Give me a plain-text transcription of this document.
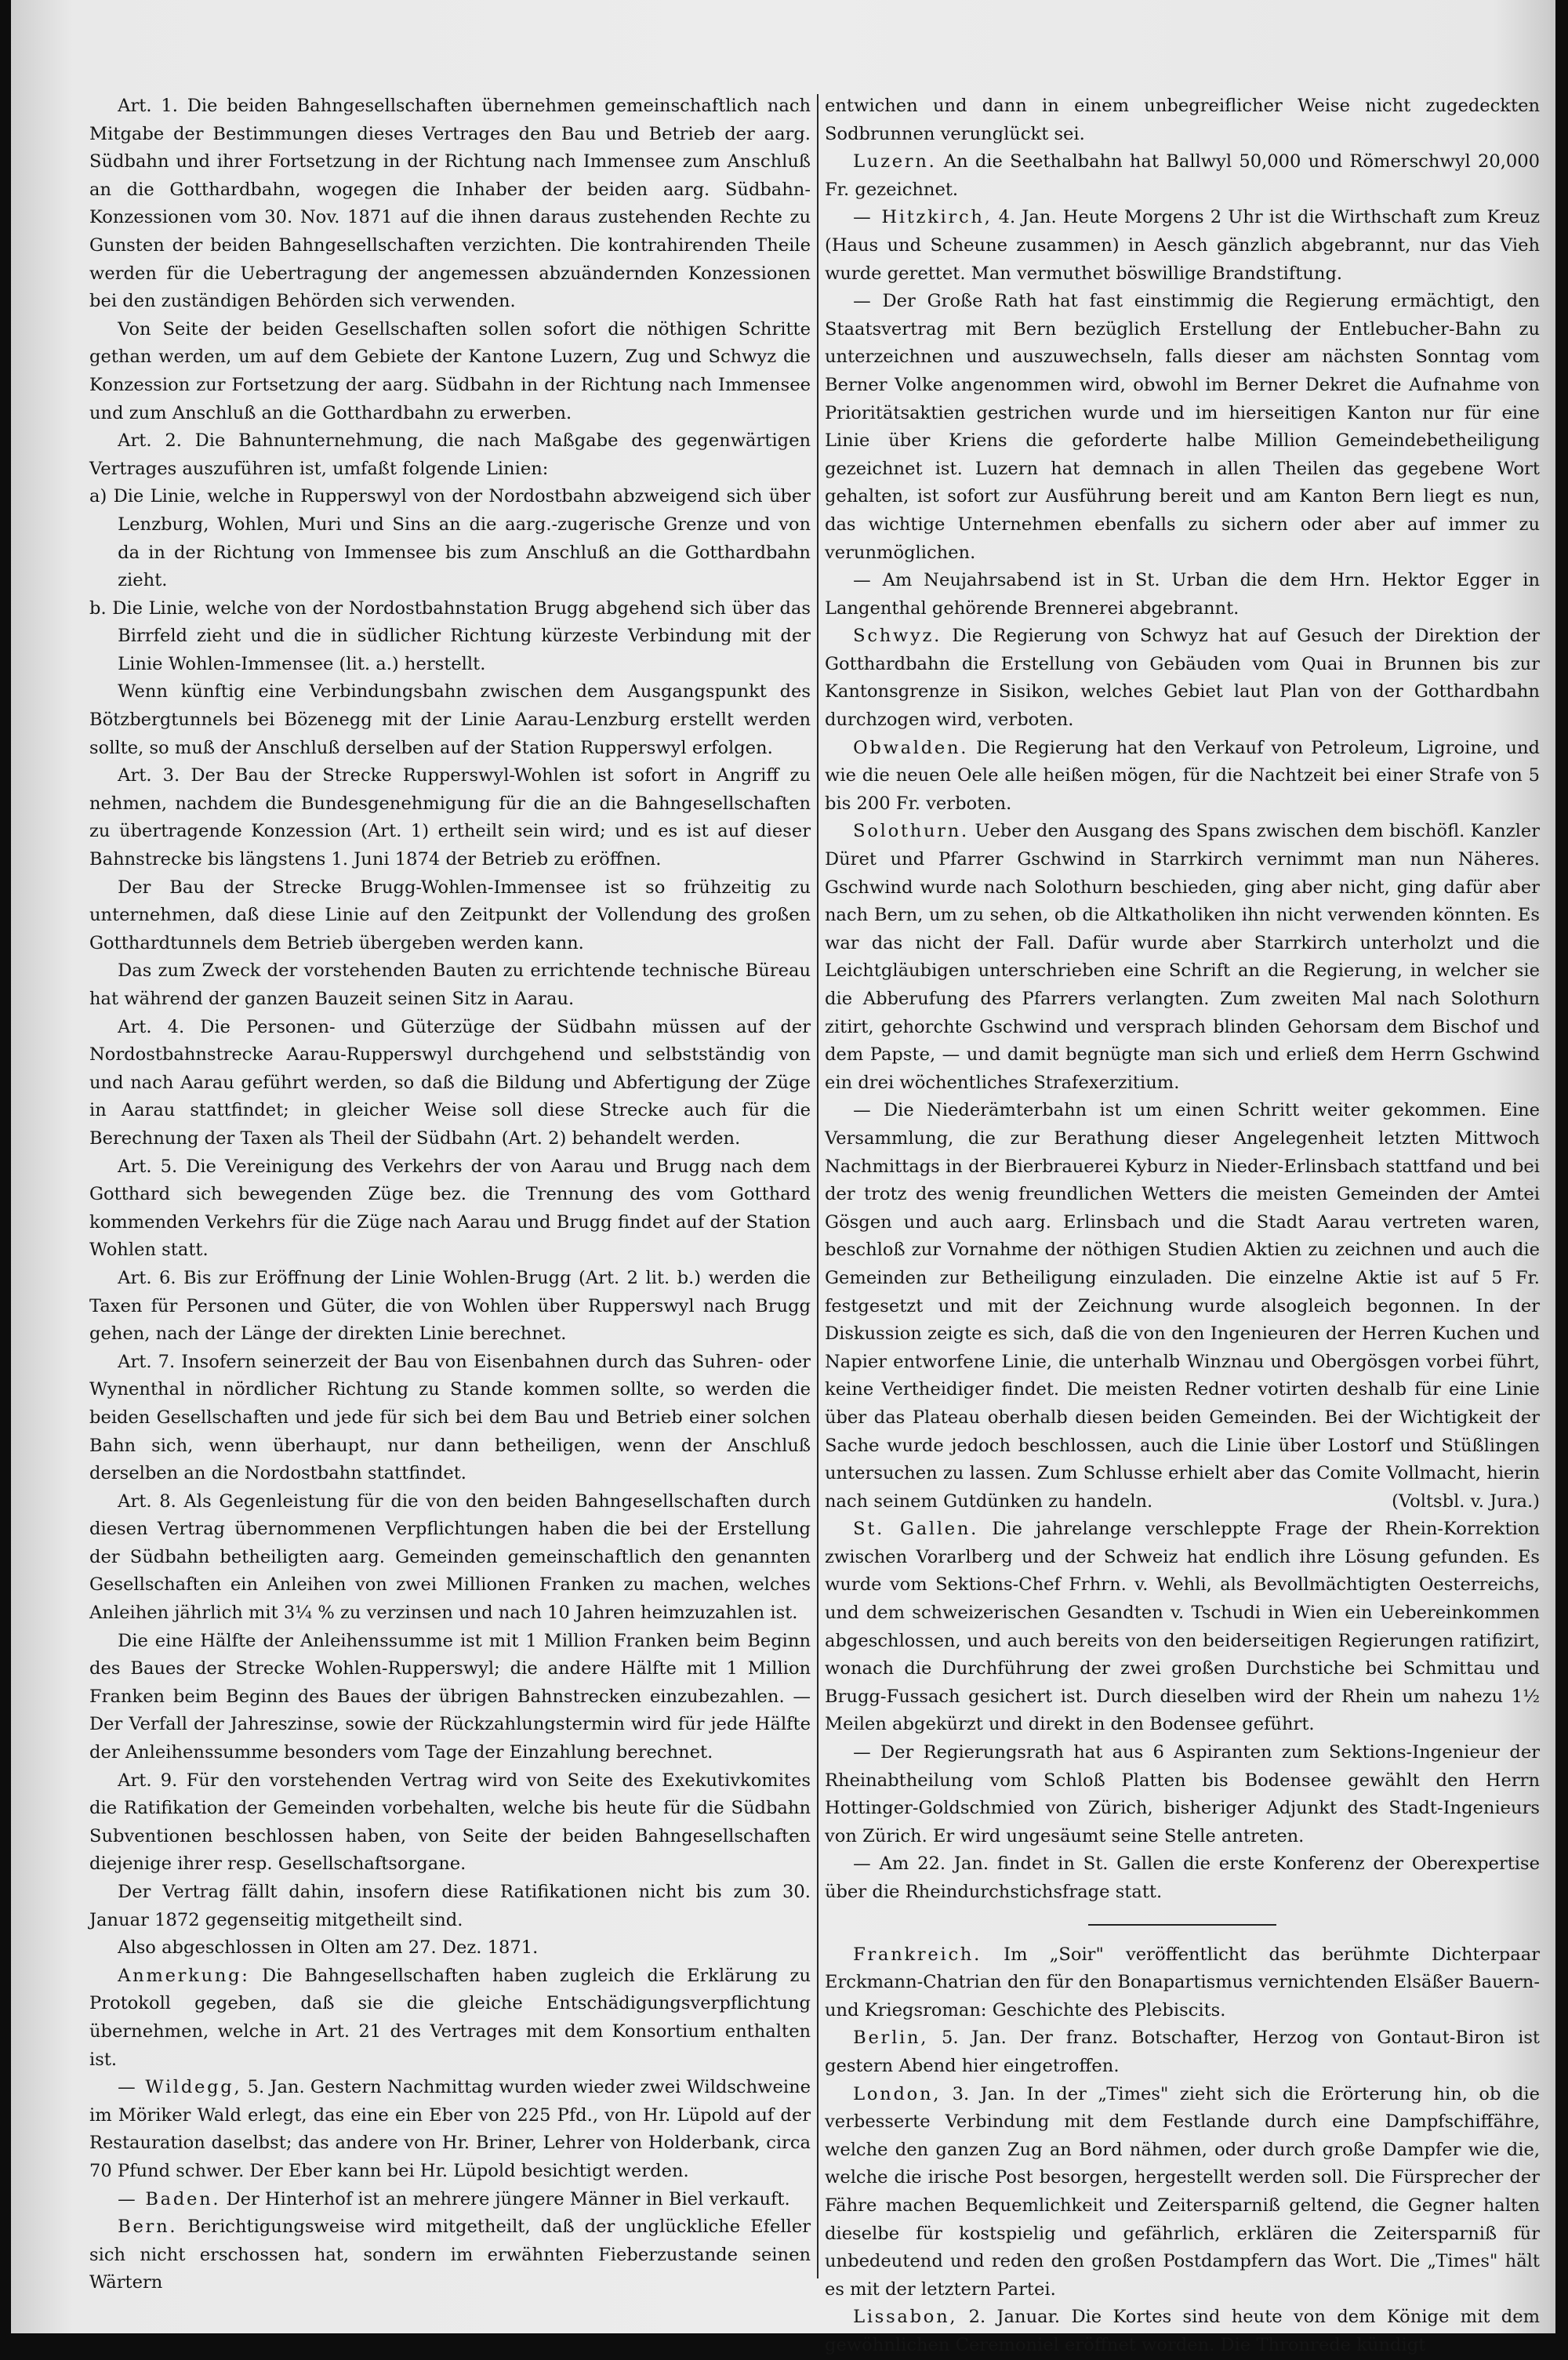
Art. 1. Die beiden Bahngesellschaften übernehmen gemeinschaftlich nach Mitgabe der Bestimmungen dieses Vertrages den Bau und Betrieb der aarg. Südbahn und ihrer Fortsetzung in der Richtung nach Immensee zum Anschluß an die Gotthardbahn, wogegen die Inhaber der beiden aarg. Südbahn-Konzessionen vom 30. Nov. 1871 auf die ihnen daraus zustehenden Rechte zu Gunsten der beiden Bahngesellschaften verzichten. Die kontrahirenden Theile werden für die Uebertragung der angemessen abzuändernden Konzessionen bei den zuständigen Behörden sich verwenden.

Von Seite der beiden Gesellschaften sollen sofort die nöthigen Schritte gethan werden, um auf dem Gebiete der Kantone Luzern, Zug und Schwyz die Konzession zur Fortsetzung der aarg. Südbahn in der Richtung nach Immensee und zum Anschluß an die Gotthardbahn zu erwerben.

Art. 2. Die Bahnunternehmung, die nach Maßgabe des gegenwärtigen Vertrages auszuführen ist, umfaßt folgende Linien:

a) Die Linie, welche in Rupperswyl von der Nordostbahn abzweigend sich über Lenzburg, Wohlen, Muri und Sins an die aarg.-zugerische Grenze und von da in der Richtung von Immensee bis zum Anschluß an die Gotthardbahn zieht.

b. Die Linie, welche von der Nordostbahnstation Brugg abgehend sich über das Birrfeld zieht und die in südlicher Richtung kürzeste Verbindung mit der Linie Wohlen-Immensee (lit. a.) herstellt.

Wenn künftig eine Verbindungsbahn zwischen dem Ausgangspunkt des Bötzbergtunnels bei Bözenegg mit der Linie Aarau-Lenzburg erstellt werden sollte, so muß der Anschluß derselben auf der Station Rupperswyl erfolgen.

Art. 3. Der Bau der Strecke Rupperswyl-Wohlen ist sofort in Angriff zu nehmen, nachdem die Bundesgenehmigung für die an die Bahngesellschaften zu übertragende Konzession (Art. 1) ertheilt sein wird; und es ist auf dieser Bahnstrecke bis längstens 1. Juni 1874 der Betrieb zu eröffnen.

Der Bau der Strecke Brugg-Wohlen-Immensee ist so frühzeitig zu unternehmen, daß diese Linie auf den Zeitpunkt der Vollendung des großen Gotthardtunnels dem Betrieb übergeben werden kann.

Das zum Zweck der vorstehenden Bauten zu errichtende technische Büreau hat während der ganzen Bauzeit seinen Sitz in Aarau.

Art. 4. Die Personen- und Güterzüge der Südbahn müssen auf der Nordostbahnstrecke Aarau-Rupperswyl durchgehend und selbstständig von und nach Aarau geführt werden, so daß die Bildung und Abfertigung der Züge in Aarau stattfindet; in gleicher Weise soll diese Strecke auch für die Berechnung der Taxen als Theil der Südbahn (Art. 2) behandelt werden.

Art. 5. Die Vereinigung des Verkehrs der von Aarau und Brugg nach dem Gotthard sich bewegenden Züge bez. die Trennung des vom Gotthard kommenden Verkehrs für die Züge nach Aarau und Brugg findet auf der Station Wohlen statt.

Art. 6. Bis zur Eröffnung der Linie Wohlen-Brugg (Art. 2 lit. b.) werden die Taxen für Personen und Güter, die von Wohlen über Rupperswyl nach Brugg gehen, nach der Länge der direkten Linie berechnet.

Art. 7. Insofern seinerzeit der Bau von Eisenbahnen durch das Suhren- oder Wynenthal in nördlicher Richtung zu Stande kommen sollte, so werden die beiden Gesellschaften und jede für sich bei dem Bau und Betrieb einer solchen Bahn sich, wenn überhaupt, nur dann betheiligen, wenn der Anschluß derselben an die Nordostbahn stattfindet.

Art. 8. Als Gegenleistung für die von den beiden Bahngesellschaften durch diesen Vertrag übernommenen Verpflichtungen haben die bei der Erstellung der Südbahn betheiligten aarg. Gemeinden gemeinschaftlich den genannten Gesellschaften ein Anleihen von zwei Millionen Franken zu machen, welches Anleihen jährlich mit 3¼ % zu verzinsen und nach 10 Jahren heimzuzahlen ist.

Die eine Hälfte der Anleihenssumme ist mit 1 Million Franken beim Beginn des Baues der Strecke Wohlen-Rupperswyl; die andere Hälfte mit 1 Million Franken beim Beginn des Baues der übrigen Bahnstrecken einzubezahlen. — Der Verfall der Jahreszinse, sowie der Rückzahlungstermin wird für jede Hälfte der Anleihenssumme besonders vom Tage der Einzahlung berechnet.

Art. 9. Für den vorstehenden Vertrag wird von Seite des Exekutivkomites die Ratifikation der Gemeinden vorbehalten, welche bis heute für die Südbahn Subventionen beschlossen haben, von Seite der beiden Bahngesellschaften diejenige ihrer resp. Gesellschaftsorgane.

Der Vertrag fällt dahin, insofern diese Ratifikationen nicht bis zum 30. Januar 1872 gegenseitig mitgetheilt sind.

Also abgeschlossen in Olten am 27. Dez. 1871.

Anmerkung: Die Bahngesellschaften haben zugleich die Erklärung zu Protokoll gegeben, daß sie die gleiche Entschädigungsverpflichtung übernehmen, welche in Art. 21 des Vertrages mit dem Konsortium enthalten ist.

— Wildegg, 5. Jan. Gestern Nachmittag wurden wieder zwei Wildschweine im Möriker Wald erlegt, das eine ein Eber von 225 Pfd., von Hr. Lüpold auf der Restauration daselbst; das andere von Hr. Briner, Lehrer von Holderbank, circa 70 Pfund schwer. Der Eber kann bei Hr. Lüpold besichtigt werden.

— Baden. Der Hinterhof ist an mehrere jüngere Männer in Biel verkauft.

Bern. Berichtigungsweise wird mitgetheilt, daß der unglückliche Efeller sich nicht erschossen hat, sondern im erwähnten Fieberzustande seinen Wärtern

entwichen und dann in einem unbegreiflicher Weise nicht zugedeckten Sodbrunnen verunglückt sei.

Luzern. An die Seethalbahn hat Ballwyl 50,000 und Römerschwyl 20,000 Fr. gezeichnet.

— Hitzkirch, 4. Jan. Heute Morgens 2 Uhr ist die Wirthschaft zum Kreuz (Haus und Scheune zusammen) in Aesch gänzlich abgebrannt, nur das Vieh wurde gerettet. Man vermuthet böswillige Brandstiftung.

— Der Große Rath hat fast einstimmig die Regierung ermächtigt, den Staatsvertrag mit Bern bezüglich Erstellung der Entlebucher-Bahn zu unterzeichnen und auszuwechseln, falls dieser am nächsten Sonntag vom Berner Volke angenommen wird, obwohl im Berner Dekret die Aufnahme von Prioritätsaktien gestrichen wurde und im hierseitigen Kanton nur für eine Linie über Kriens die geforderte halbe Million Gemeindebetheiligung gezeichnet ist. Luzern hat demnach in allen Theilen das gegebene Wort gehalten, ist sofort zur Ausführung bereit und am Kanton Bern liegt es nun, das wichtige Unternehmen ebenfalls zu sichern oder aber auf immer zu verunmöglichen.

— Am Neujahrsabend ist in St. Urban die dem Hrn. Hektor Egger in Langenthal gehörende Brennerei abgebrannt.

Schwyz. Die Regierung von Schwyz hat auf Gesuch der Direktion der Gotthardbahn die Erstellung von Gebäuden vom Quai in Brunnen bis zur Kantonsgrenze in Sisikon, welches Gebiet laut Plan von der Gotthardbahn durchzogen wird, verboten.

Obwalden. Die Regierung hat den Verkauf von Petroleum, Ligroine, und wie die neuen Oele alle heißen mögen, für die Nachtzeit bei einer Strafe von 5 bis 200 Fr. verboten.

Solothurn. Ueber den Ausgang des Spans zwischen dem bischöfl. Kanzler Düret und Pfarrer Gschwind in Starrkirch vernimmt man nun Näheres. Gschwind wurde nach Solothurn beschieden, ging aber nicht, ging dafür aber nach Bern, um zu sehen, ob die Altkatholiken ihn nicht verwenden könnten. Es war das nicht der Fall. Dafür wurde aber Starrkirch unterholzt und die Leichtgläubigen unterschrieben eine Schrift an die Regierung, in welcher sie die Abberufung des Pfarrers verlangten. Zum zweiten Mal nach Solothurn zitirt, gehorchte Gschwind und versprach blinden Gehorsam dem Bischof und dem Papste, — und damit begnügte man sich und erließ dem Herrn Gschwind ein drei wöchentliches Strafexerzitium.

— Die Niederämterbahn ist um einen Schritt weiter gekommen. Eine Versammlung, die zur Berathung dieser Angelegenheit letzten Mittwoch Nachmittags in der Bierbrauerei Kyburz in Nieder-Erlinsbach stattfand und bei der trotz des wenig freundlichen Wetters die meisten Gemeinden der Amtei Gösgen und auch aarg. Erlinsbach und die Stadt Aarau vertreten waren, beschloß zur Vornahme der nöthigen Studien Aktien zu zeichnen und auch die Gemeinden zur Betheiligung einzuladen. Die einzelne Aktie ist auf 5 Fr. festgesetzt und mit der Zeichnung wurde alsogleich begonnen. In der Diskussion zeigte es sich, daß die von den Ingenieuren der Herren Kuchen und Napier entworfene Linie, die unterhalb Winznau und Obergösgen vorbei führt, keine Vertheidiger findet. Die meisten Redner votirten deshalb für eine Linie über das Plateau oberhalb diesen beiden Gemeinden. Bei der Wichtigkeit der Sache wurde jedoch beschlossen, auch die Linie über Lostorf und Stüßlingen untersuchen zu lassen. Zum Schlusse erhielt aber das Comite Vollmacht, hierin nach seinem Gutdünken zu handeln.	(Voltsbl. v. Jura.)

St. Gallen. Die jahrelange verschleppte Frage der Rhein-Korrektion zwischen Vorarlberg und der Schweiz hat endlich ihre Lösung gefunden. Es wurde vom Sektions-Chef Frhrn. v. Wehli, als Bevollmächtigten Oesterreichs, und dem schweizerischen Gesandten v. Tschudi in Wien ein Uebereinkommen abgeschlossen, und auch bereits von den beiderseitigen Regierungen ratifizirt, wonach die Durchführung der zwei großen Durchstiche bei Schmittau und Brugg-Fussach gesichert ist. Durch dieselben wird der Rhein um nahezu 1½ Meilen abgekürzt und direkt in den Bodensee geführt.

— Der Regierungsrath hat aus 6 Aspiranten zum Sektions-Ingenieur der Rheinabtheilung vom Schloß Platten bis Bodensee gewählt den Herrn Hottinger-Goldschmied von Zürich, bisheriger Adjunkt des Stadt-Ingenieurs von Zürich. Er wird ungesäumt seine Stelle antreten.

— Am 22. Jan. findet in St. Gallen die erste Konferenz der Oberexpertise über die Rheindurchstichsfrage statt.

Frankreich. Im „Soir" veröffentlicht das berühmte Dichterpaar Erckmann-Chatrian den für den Bonapartismus vernichtenden Elsäßer Bauern- und Kriegsroman: Geschichte des Plebiscits.

Berlin, 5. Jan. Der franz. Botschafter, Herzog von Gontaut-Biron ist gestern Abend hier eingetroffen.

London, 3. Jan. In der „Times" zieht sich die Erörterung hin, ob die verbesserte Verbindung mit dem Festlande durch eine Dampfschiffähre, welche den ganzen Zug an Bord nähmen, oder durch große Dampfer wie die, welche die irische Post besorgen, hergestellt werden soll. Die Fürsprecher der Fähre machen Bequemlichkeit und Zeitersparniß geltend, die Gegner halten dieselbe für kostspielig und gefährlich, erklären die Zeitersparniß für unbedeutend und reden den großen Postdampfern das Wort. Die „Times" hält es mit der letztern Partei.

Lissabon, 2. Januar. Die Kortes sind heute von dem Könige mit dem gewöhnlichen Ceremoniel eröffnet worden. Die Thronrede kündigt
